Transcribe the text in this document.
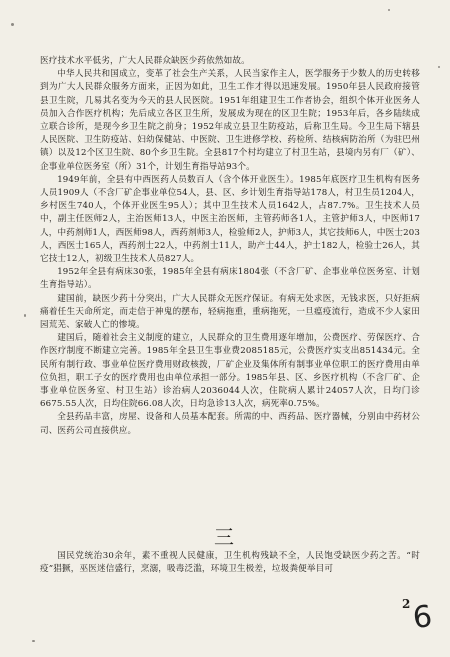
医疗技术水平低劣，广大人民群众缺医少药依然如故。

中华人民共和国成立，变革了社会生产关系，人民当家作主人，医学服务于少数人的历史转移到为广大人民群众服务方面来，正因为如此，卫生工作才得以迅速发展。1950年县人民政府接管县卫生院，几易其名变为今天的县人民医院。1951年组建卫生工作者协会，组织个体开业医务人员加入合作医疗机构；先后成立各区卫生所，发展成为现在的区卫生院；1953年后，各乡陆续成立联合诊所，是现今乡卫生院之前身；1952年成立县卫生防疫站，后称卫生局。今卫生局下辖县人民医院、卫生防疫站、妇幼保健站、中医院、卫生进修学校、药检所、结核病防治所（为驻巴州镇）以及12个区卫生院、80个乡卫生院。全县817个村均建立了村卫生站，县境内另有厂（矿）、企事业单位医务室（所）31个，计划生育指导站93个。

1949年前，全县有中西医药人员数百人（含个体开业医生）。1985年底医疗卫生机构有医务人员1909人（不含厂矿企事业单位54人，县、区、乡计划生育指导站178人，村卫生员1204人，乡村医生740人，个体开业医生95人）；其中卫生技术人员1642人，占87.7%。卫生技术人员中，副主任医师2人，主治医师13人，中医主治医师，主管药师各1人，主管护师3人，中医师17人，中药剂师1人，西医师98人，西药剂师3人，检验师2人，护师3人，其它技师6人，中医士203人，西医士165人，西药剂士22人，中药剂士11人，助产士44人，护士182人，检验士26人，其它技士12人，初级卫生技术人员827人。

1952年全县有病床30张，1985年全县有病床1804张（不含厂矿、企事业单位医务室、计划生育指导站）。

建国前，缺医少药十分突出，广大人民群众无医疗保证。有病无处求医，无钱求医，只好拒病痛着任生天命所定，而走信于神鬼的摆布，轻病拖重，重病拖死，一旦瘟疫流行，造成不少人家田园荒芜、家破人亡的惨境。

建国后，随着社会主义制度的建立，人民群众的卫生费用逐年增加，公费医疗、劳保医疗、合作医疗制度不断建立完善。1985年全县卫生事业费2085185元，公费医疗实支出851434元。全民所有制行政、事业单位医疗费用财政核拨，厂矿企业及集体所有制事业单位职工的医疗费用由单位负担，职工子女的医疗费用也由单位承担一部分。1985年县、区、乡医疗机构（不含厂矿、企事业单位医务室、村卫生站）诊治病人2036044人次，住院病人累计24057人次，日均门诊6675.55人次，日均住院66.08人次，日均急诊13人次，病死率0.75%。

全县药品丰富，房屋、设备和人员基本配套。所需的中、西药品、医疗器械，分别由中药材公司、医药公司直接供应。

三

国民党统治30余年，素不重视人民健康，卫生机构残缺不全，人民饱受缺医少药之苦。“时疫”猖獗，巫医迷信盛行，烹溺，吸毒泛滥，环境卫生极差，垃圾粪便举目可

2 6
